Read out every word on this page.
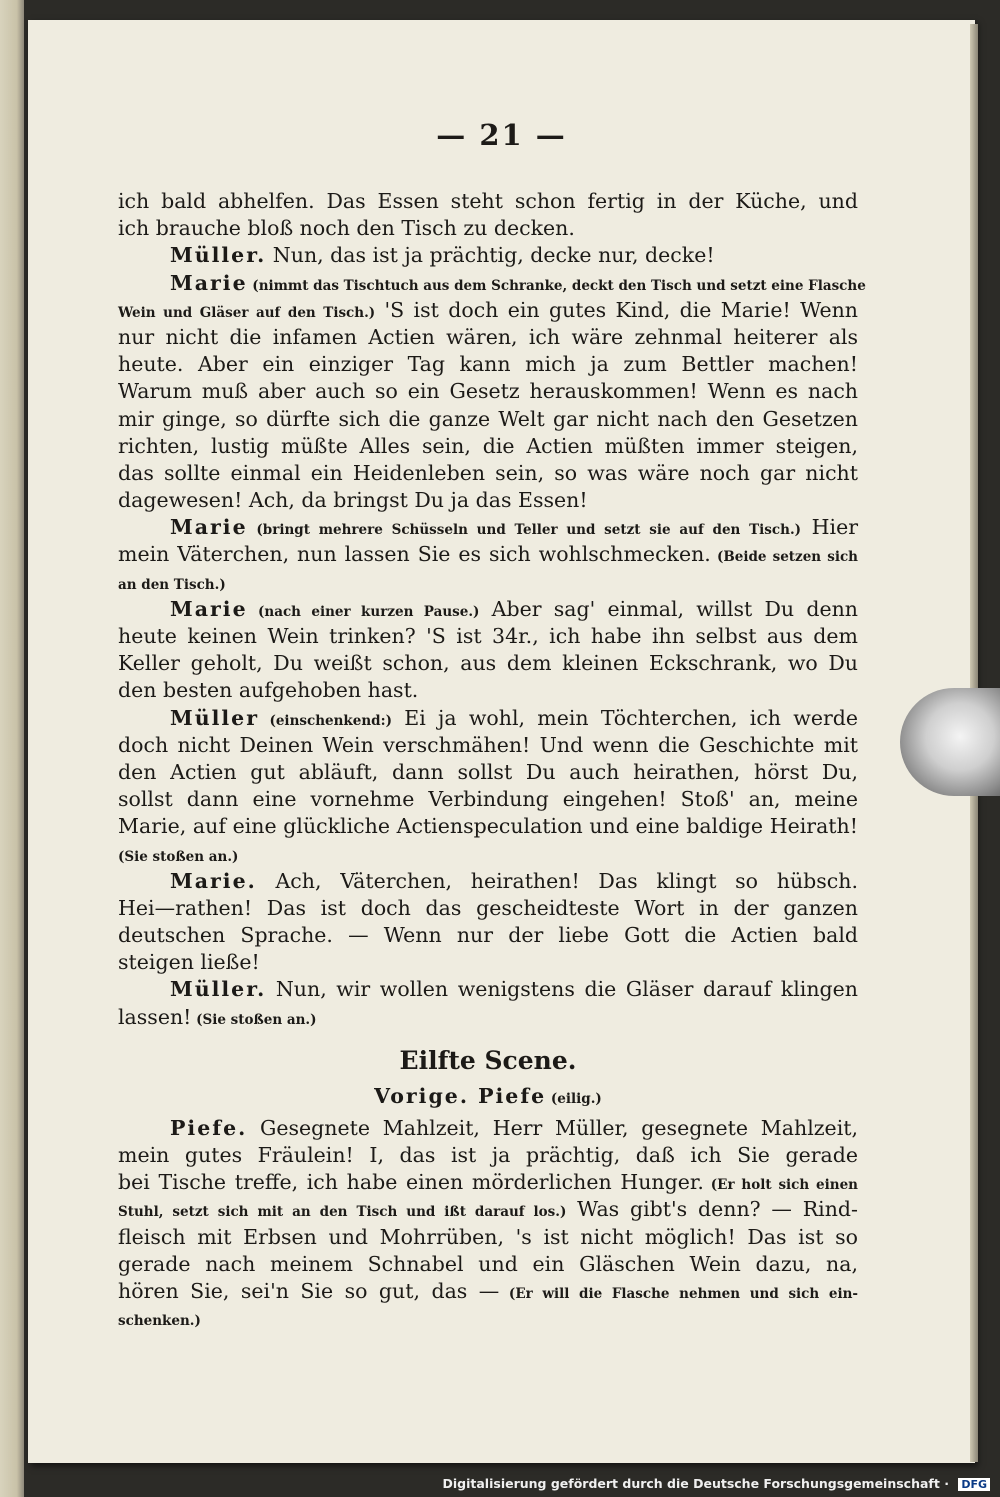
— 21 —
ich bald abhelfen. Das Essen steht schon fertig in der Küche, und
ich brauche bloß noch den Tisch zu decken.
Müller. Nun, das ist ja prächtig, decke nur, decke!
Marie (nimmt das Tischtuch aus dem Schranke, deckt den Tisch und setzt eine Flasche
Wein und Gläser auf den Tisch.) 'S ist doch ein gutes Kind, die Marie! Wenn
nur nicht die infamen Actien wären, ich wäre zehnmal heiterer als
heute. Aber ein einziger Tag kann mich ja zum Bettler machen!
Warum muß aber auch so ein Gesetz herauskommen! Wenn es nach
mir ginge, so dürfte sich die ganze Welt gar nicht nach den Gesetzen
richten, lustig müßte Alles sein, die Actien müßten immer steigen,
das sollte einmal ein Heidenleben sein, so was wäre noch gar nicht
dagewesen! Ach, da bringst Du ja das Essen!
Marie (bringt mehrere Schüsseln und Teller und setzt sie auf den Tisch.) Hier
mein Väterchen, nun lassen Sie es sich wohlschmecken. (Beide setzen sich
an den Tisch.)
Marie (nach einer kurzen Pause.) Aber sag' einmal, willst Du denn
heute keinen Wein trinken? 'S ist 34r., ich habe ihn selbst aus dem
Keller geholt, Du weißt schon, aus dem kleinen Eckschrank, wo Du
den besten aufgehoben hast.
Müller (einschenkend:) Ei ja wohl, mein Töchterchen, ich werde
doch nicht Deinen Wein verschmähen! Und wenn die Geschichte mit
den Actien gut abläuft, dann sollst Du auch heirathen, hörst Du,
sollst dann eine vornehme Verbindung eingehen! Stoß' an, meine
Marie, auf eine glückliche Actienspeculation und eine baldige Heirath!
(Sie stoßen an.)
Marie. Ach, Väterchen, heirathen! Das klingt so hübsch.
Hei—rathen! Das ist doch das gescheidteste Wort in der ganzen
deutschen Sprache. — Wenn nur der liebe Gott die Actien bald
steigen ließe!
Müller. Nun, wir wollen wenigstens die Gläser darauf klingen
lassen! (Sie stoßen an.)
Eilfte Scene.
Vorige. Piefe (eilig.)
Piefe. Gesegnete Mahlzeit, Herr Müller, gesegnete Mahlzeit,
mein gutes Fräulein! I, das ist ja prächtig, daß ich Sie gerade
bei Tische treffe, ich habe einen mörderlichen Hunger. (Er holt sich einen
Stuhl, setzt sich mit an den Tisch und ißt darauf los.) Was gibt's denn? — Rind-
fleisch mit Erbsen und Mohrrüben, 's ist nicht möglich! Das ist so
gerade nach meinem Schnabel und ein Gläschen Wein dazu, na,
hören Sie, sei'n Sie so gut, das — (Er will die Flasche nehmen und sich ein-
schenken.)
Digitalisierung gefördert durch die Deutsche Forschungsgemeinschaft · DFG
